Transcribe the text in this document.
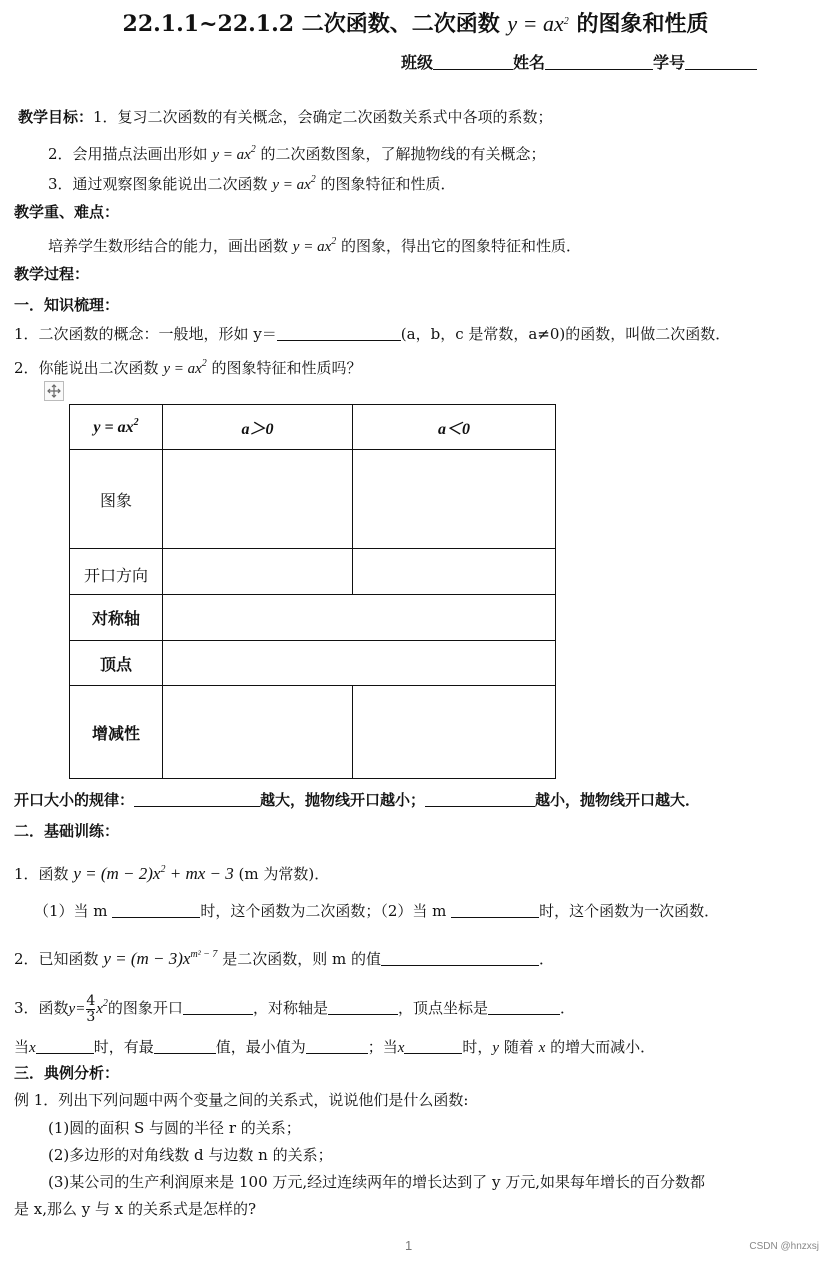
22.1.1~22.1.2 二次函数、二次函数 $y = ax^2$ 的图象和性质
班级	姓名	学号
教学目标：1．复习二次函数的有关概念，会确定二次函数关系式中各项的系数；
2．会用描点法画出形如 $y = ax^2$ 的二次函数图象，了解抛物线的有关概念；
3．通过观察图象能说出二次函数 $y = ax^2$ 的图象特征和性质．
教学重、难点：
培养学生数形结合的能力，画出函数 $y = ax^2$ 的图象，得出它的图象特征和性质．
教学过程：
一．知识梳理：
1．二次函数的概念：一般地，形如 y＝	(a，b，c 是常数，a≠0)的函数，叫做二次函数．
2．你能说出二次函数 $y = ax^2$ 的图象特征和性质吗？
$y = ax^2$	a＞0	a＜0
图象		
开口方向		
对称轴		
顶点		
增减性		
开口大小的规律：	越大，抛物线开口越小；	越小，抛物线开口越大．
二．基础训练：
1．函数 $y = (m - 2)x^2$ + mx − 3 (m 为常数)．
（1）当 m	时，这个函数为二次函数；（2）当 m	时，这个函数为一次函数．
2．已知函数 $y = (m - 3)x^{m^2 - 7}$ 是二次函数，则 m 的值	．
3．函数$y= \frac{4}{3} x^2$的图象开口	，对称轴是	，顶点坐标是	．
当x	时，有最	值，最小值为	；当x	时，y 随着 x 的增大而减小．
三．典例分析：
例 1．列出下列问题中两个变量之间的关系式，说说他们是什么函数:
(1)圆的面积 S 与圆的半径 r 的关系；
(2)多边形的对角线数 d 与边数 n 的关系；
(3)某公司的生产利润原来是 100 万元,经过连续两年的增长达到了 y 万元,如果每年增长的百分数都
是 x,那么 y 与 x 的关系式是怎样的?
1	CSDN @hnzxsj
